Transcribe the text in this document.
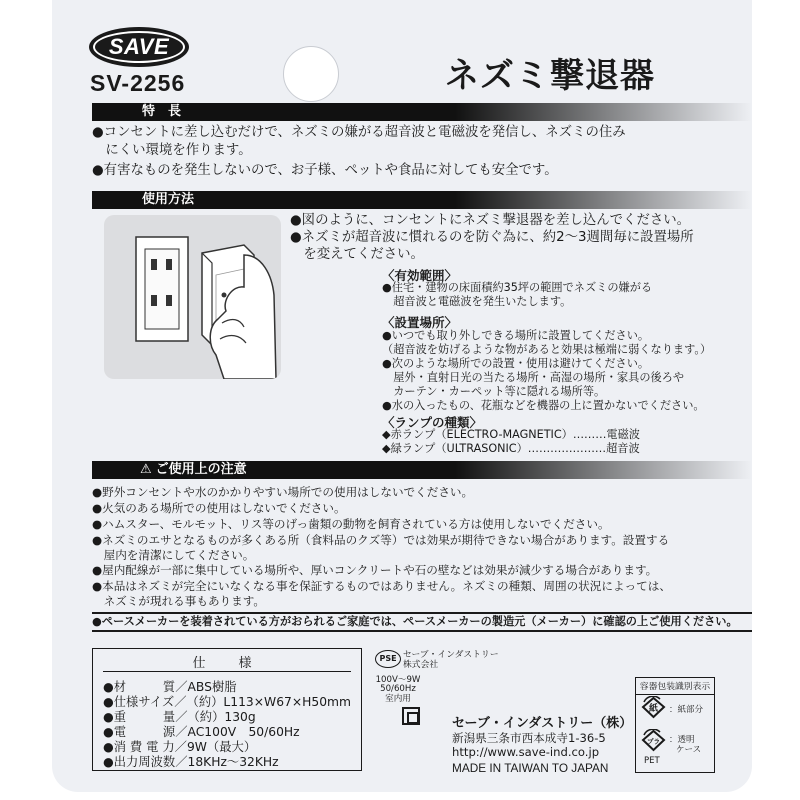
SAVE
SV-2256	ネズミ撃退器
特　長
●コンセントに差し込むだけで、ネズミの嫌がる超音波と電磁波を発信し、ネズミの住み
　にくい環境を作ります。
●有害なものを発生しないので、お子様、ペットや食品に対しても安全です。
使用方法
●図のように、コンセントにネズミ撃退器を差し込んでください。
●ネズミが超音波に慣れるのを防ぐ為に、約2～3週間毎に設置場所
　を変えてください。
〈有効範囲〉
●住宅・建物の床面積約35坪の範囲でネズミの嫌がる
　超音波と電磁波を発生いたします。
〈設置場所〉
●いつでも取り外しできる場所に設置してください。
（超音波を妨げるような物があると効果は極端に弱くなります。）
●次のような場所での設置・使用は避けてください。
　屋外・直射日光の当たる場所・高湿の場所・家具の後ろや
　カーテン・カーペット等に隠れる場所等。
●水の入ったもの、花瓶などを機器の上に置かないでください。
〈ランプの種類〉
◆赤ランプ（ELECTRO-MAGNETIC）………電磁波
◆緑ランプ（ULTRASONIC）…………………超音波
⚠ ご使用上の注意
●野外コンセントや水のかかりやすい場所での使用はしないでください。
●火気のある場所での使用はしないでください。
●ハムスター、モルモット、リス等のげっ歯類の動物を飼育されている方は使用しないでください。
●ネズミのエサとなるものが多くある所（食料品のクズ等）では効果が期待できない場合があります。設置する
　屋内を清潔にしてください。
●屋内配線が一部に集中している場所や、厚いコンクリートや石の壁などは効果が減少する場合があります。
●本品はネズミが完全にいなくなる事を保証するものではありません。ネズミの種類、周囲の状況によっては、
　ネズミが現れる事もあります。
●ペースメーカーを装着されている方がおられるご家庭では、ペースメーカーの製造元（メーカー）に確認の上ご使用ください。
仕　様
●材　　　質／ABS樹脂
●仕様サイズ／（約）L113×W67×H50mm
●重　　　量／（約）130g
●電　　　源／AC100V　50/60Hz
●消 費 電 力／9W（最大）
●出力周波数／18KHz～32KHz
PSE セーブ・インダストリー
株式会社
100V～9W
50/60Hz
室内用
セーブ・インダストリー（株）
新潟県三条市西本成寺1-36-5
http://www.save-ind.co.jp
MADE IN TAIWAN TO JAPAN
容器包装識別表示
紙 ：紙部分
プラ ：透明
ケース
PET
